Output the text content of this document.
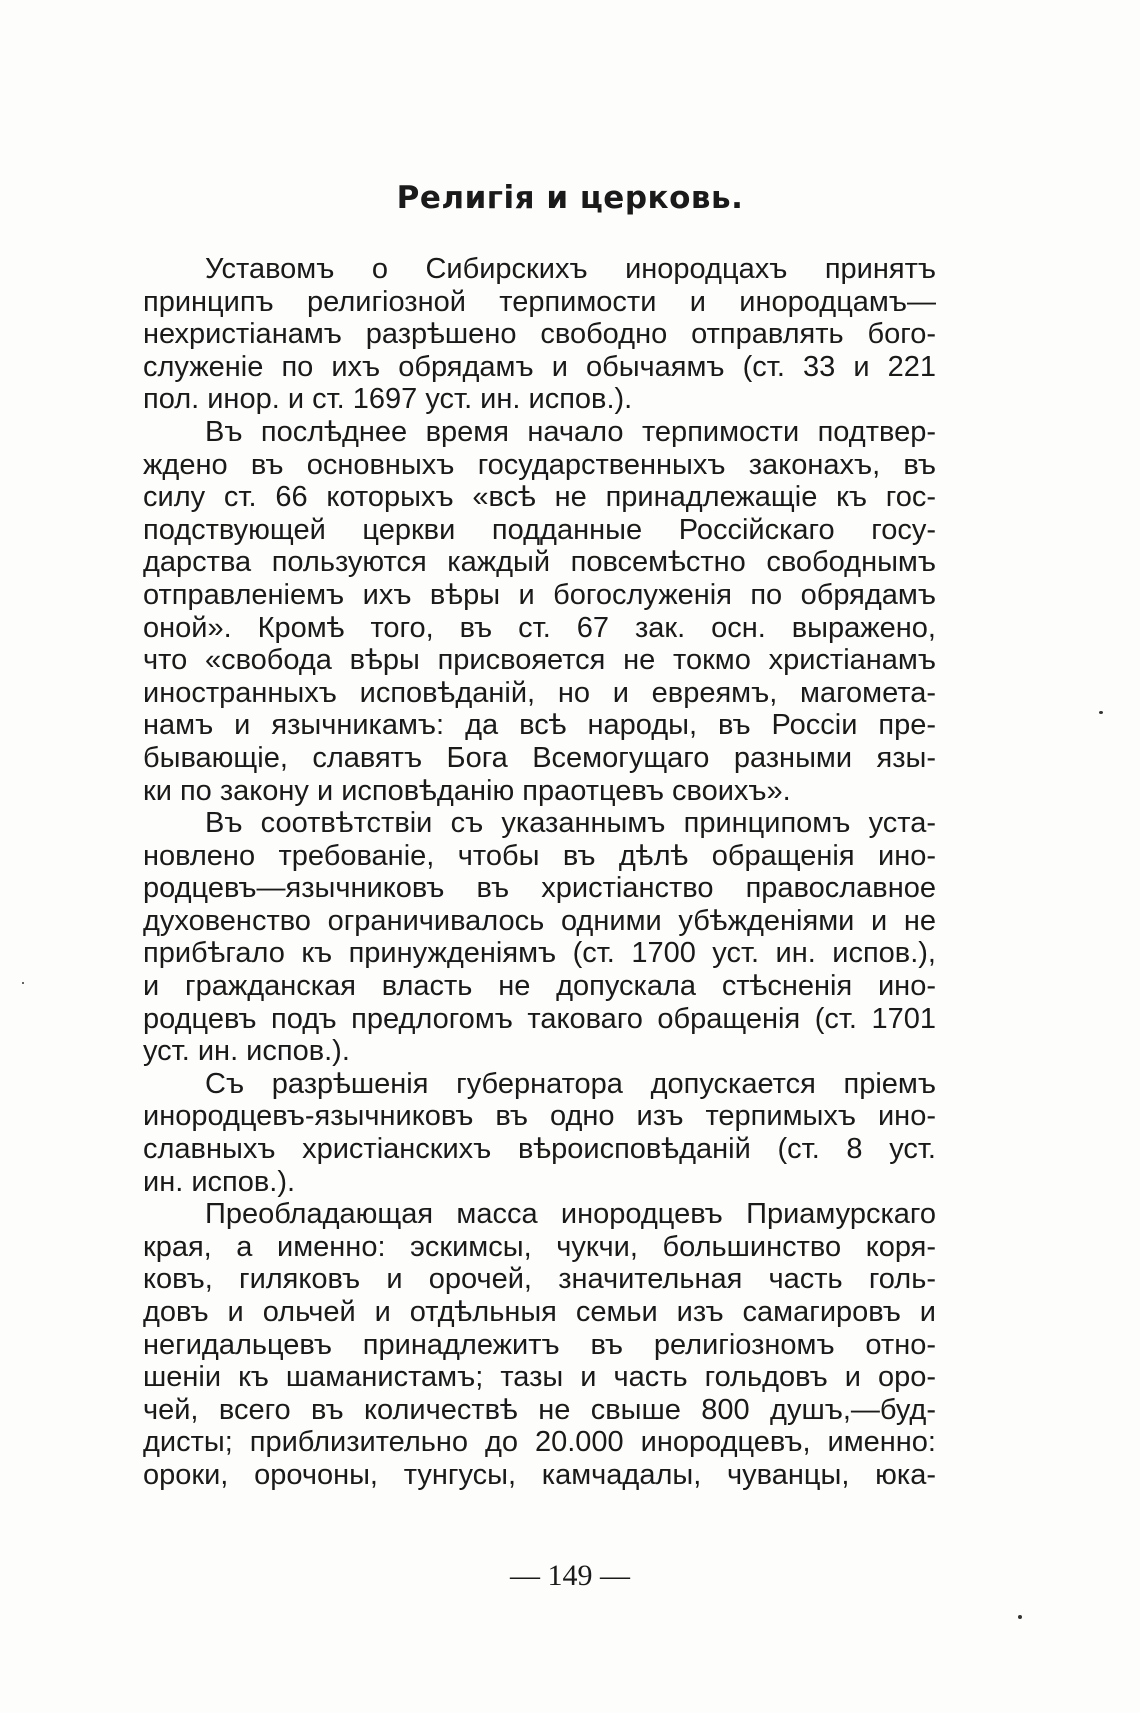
Религія и церковь.
Уставомъ о Сибирскихъ инородцахъ принятъ
принципъ религіозной терпимости и инородцамъ—
нехристіанамъ разрѣшено свободно отправлять бого-
служеніе по ихъ обрядамъ и обычаямъ (ст. 33 и 221
пол. инор. и ст. 1697 уст. ин. испов.).
Въ послѣднее время начало терпимости подтвер-
ждено въ основныхъ государственныхъ законахъ, въ
силу ст. 66 которыхъ «всѣ не принадлежащіе къ гос-
подствующей церкви подданные Россійскаго госу-
дарства пользуются каждый повсемѣстно свободнымъ
отправленіемъ ихъ вѣры и богослуженія по обрядамъ
оной». Кромѣ того, въ ст. 67 зак. осн. выражено,
что «свобода вѣры присвояется не токмо христіанамъ
иностранныхъ исповѣданій, но и евреямъ, магомета-
намъ и язычникамъ: да всѣ народы, въ Россіи пре-
бывающіе, славятъ Бога Всемогущаго разными язы-
ки по закону и исповѣданію праотцевъ своихъ».
Въ соотвѣтствіи съ указаннымъ принципомъ уста-
новлено требованіе, чтобы въ дѣлѣ обращенія ино-
родцевъ—язычниковъ въ христіанство православное
духовенство ограничивалось одними убѣжденіями и не
прибѣгало къ принужденіямъ (ст. 1700 уст. ин. испов.),
и гражданская власть не допускала стѣсненія ино-
родцевъ подъ предлогомъ таковаго обращенія (ст. 1701
уст. ин. испов.).
Съ разрѣшенія губернатора допускается пріемъ
инородцевъ-язычниковъ въ одно изъ терпимыхъ ино-
славныхъ христіанскихъ вѣроисповѣданій (ст. 8 уст.
ин. испов.).
Преобладающая масса инородцевъ Приамурскаго
края, а именно: эскимсы, чукчи, большинство коря-
ковъ, гиляковъ и орочей, значительная часть голь-
довъ и ольчей и отдѣльныя семьи изъ самагировъ и
негидальцевъ принадлежитъ въ религіозномъ отно-
шеніи къ шаманистамъ; тазы и часть гольдовъ и оро-
чей, всего въ количествѣ не свыше 800 душъ,—буд-
дисты; приблизительно до 20.000 инородцевъ, именно:
ороки, орочоны, тунгусы, камчадалы, чуванцы, юка-
— 149 —
